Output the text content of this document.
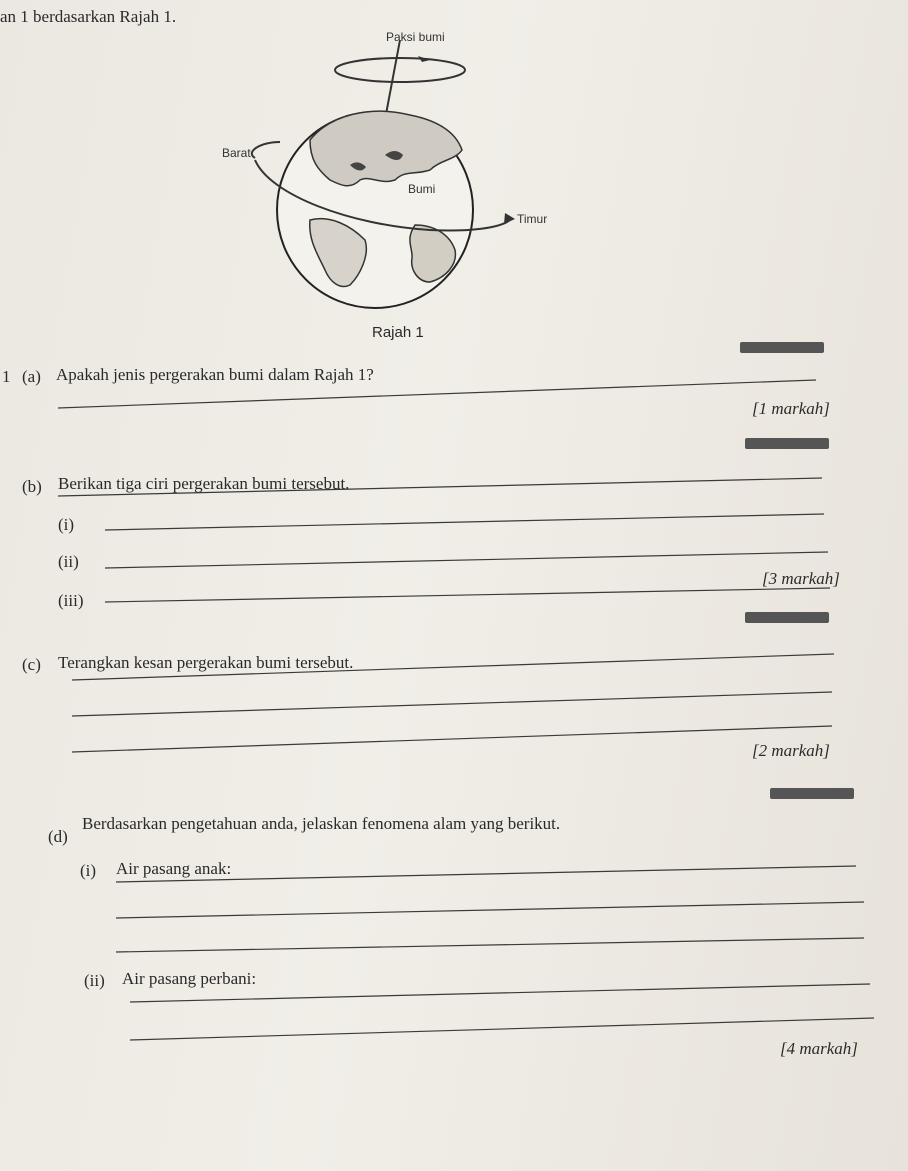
an 1 berdasarkan Rajah 1.
Paksi bumi
Barat
Bumi
Timur
Rajah 1
1 (a) Apakah jenis pergerakan bumi dalam Rajah 1?
[1 markah]
(b) Berikan tiga ciri pergerakan bumi tersebut.
(i)
(ii)
(iii)
[3 markah]
(c) Terangkan kesan pergerakan bumi tersebut.
[2 markah]
(d)
Berdasarkan pengetahuan anda, jelaskan fenomena alam yang berikut.
(i) Air pasang anak:
(ii) Air pasang perbani:
[4 markah]
